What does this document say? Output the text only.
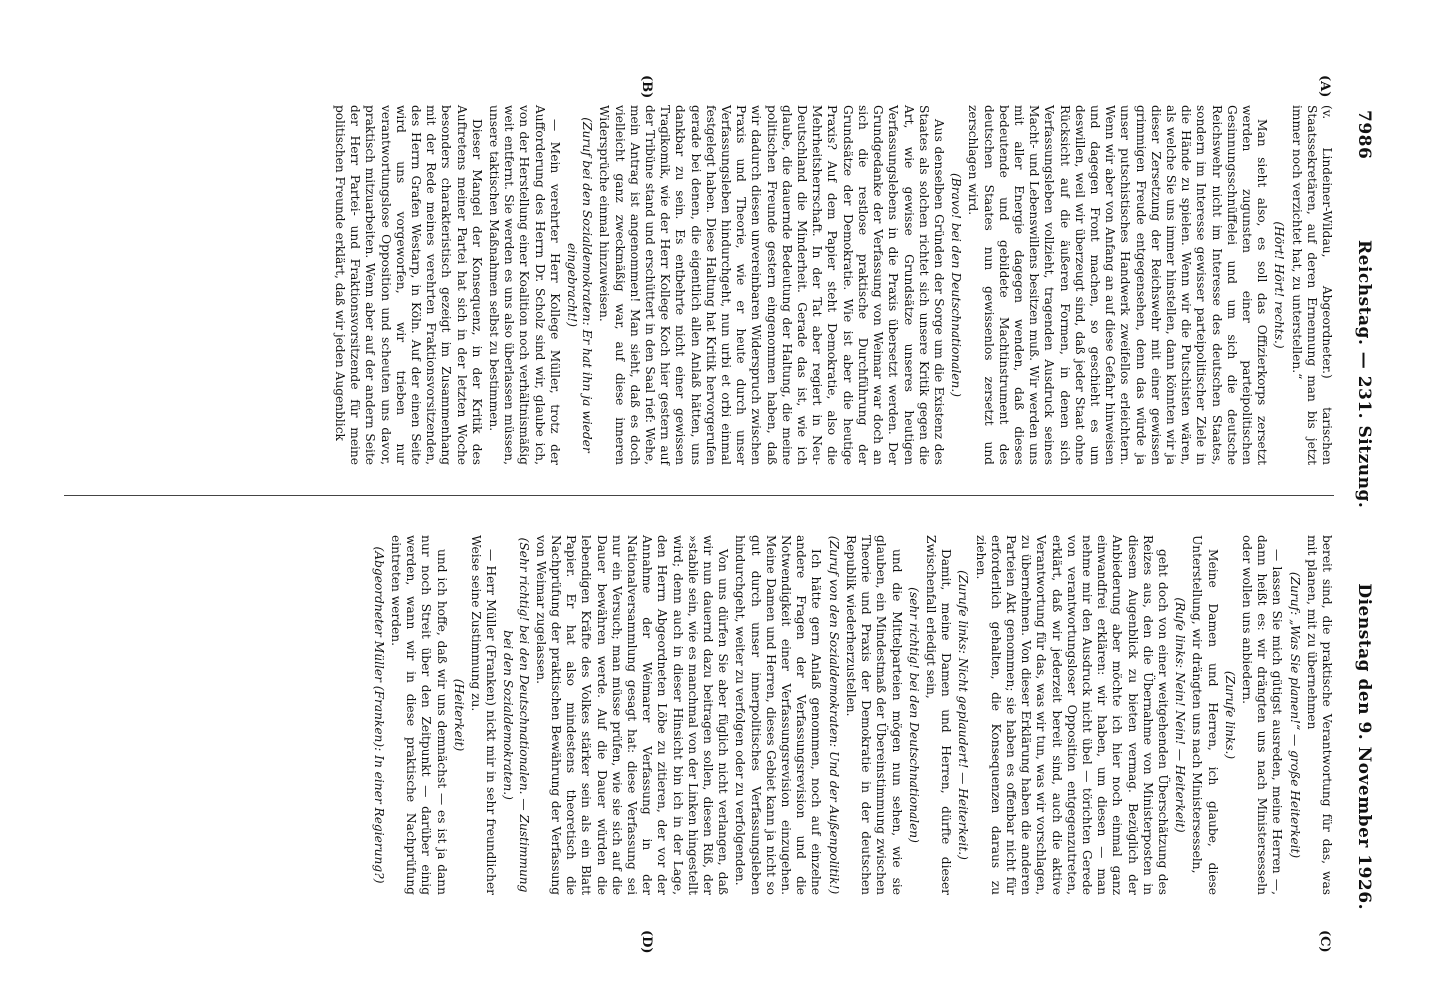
7986
Reichstag. — 231. Sitzung.
Dienstag den 9. November 1926.
(A)
(B)
(C)
(D)

(v. Lindeiner-Wildau, Abgeordneter.) tarischen Staatssekretären, auf deren Ernennung man bis jetzt immer noch verzichtet hat, zu unterstellen.“

(Hört! Hört! rechts.)

Man sieht also, es soll das Offizierkorps zersetzt werden zugunsten einer parteipolitischen Gesinnungsschnüffelei und um sich die deutsche Reichswehr nicht im Interesse des deutschen Staates, sondern im Interesse gewisser parteipolitischer Ziele in die Hände zu spielen. Wenn wir die Putschisten wären, als welche Sie uns immer hinstellen, dann könnten wir ja dieser Zersetzung der Reichswehr mit einer gewissen grimmigen Freude entgegensehen, denn das würde ja unser putschistisches Handwerk zweifellos erleichtern. Wenn wir aber von Anfang an auf diese Gefahr hinweisen und dagegen Front machen, so geschieht es um deswillen, weil wir überzeugt sind, daß jeder Staat ohne Rücksicht auf die äußeren Formen, in denen sich Verfassungsleben vollzieht, tragenden Ausdruck seines Macht- und Lebenswillens besitzen muß. Wir werden uns mit aller Energie dagegen wenden, daß dieses bedeutende und gebildete Machtinstrument des deutschen Staates nun gewissenlos zersetzt und zerschlagen wird.

(Bravo! bei den Deutschnationalen.)

Aus denselben Gründen der Sorge um die Existenz des Staates als solchen richtet sich unsere Kritik gegen die Art, wie gewisse Grundsätze unseres heutigen Verfassungslebens in die Praxis übersetzt werden. Der Grundgedanke der Verfassung von Weimar war doch an sich die restlose praktische Durchführung der Grundsätze der Demokratie. Wie ist aber die heutige Praxis? Auf dem Papier steht Demokratie, also die Mehrheitsherrschaft. In der Tat aber regiert in Neu-Deutschland die Minderheit. Gerade das ist, wie ich glaube, die dauernde Bedeutung der Haltung, die meine politischen Freunde gestern eingenommen haben, daß wir dadurch diesen unvereinbaren Widerspruch zwischen Praxis und Theorie, wie er heute durch unser Verfassungsleben hindurchgeht, nun urbi et orbi einmal festgelegt haben. Diese Haltung hat Kritik hervorgerufen gerade bei denen, die eigentlich allen Anlaß hätten, uns dankbar zu sein. Es entbehrte nicht einer gewissen Tragikomik, wie der Herr Kollege Koch hier gestern auf der Tribüne stand und erschüttert in den Saal rief: Wehe, mein Antrag ist angenommen! Man sieht, daß es doch vielleicht ganz zweckmäßig war, auf diese inneren Widersprüche einmal hinzuweisen.

(Zuruf bei den Sozialdemokraten: Er hat ihn ja wieder eingebracht!)

— Mein verehrter Herr Kollege Müller, trotz der Aufforderung des Herrn Dr. Scholz sind wir, glaube ich, von der Herstellung einer Koalition noch verhältnismäßig weit entfernt. Sie werden es uns also überlassen müssen, unsere taktischen Maßnahmen selbst zu bestimmen.

Dieser Mangel der Konsequenz, in der Kritik des Auftretens meiner Partei hat sich in der letzten Woche besonders charakteristisch gezeigt im Zusammenhang mit der Rede meines verehrten Fraktionsvorsitzenden, des Herrn Grafen Westarp, in Köln. Auf der einen Seite wird uns vorgeworfen, wir trieben nur verantwortungslose Opposition und scheuten uns davor, praktisch mitzuarbeiten. Wenn aber auf der andern Seite der Herr Partei- und Fraktionsvorsitzende für meine politischen Freunde erklärt, daß wir jeden Augenblick

bereit sind, die praktische Verantwortung für das, was mit planen, mit zu übernehmen

(Zuruf: „Was Sie planen!“ — große Heiterkeit)

— lassen Sie mich gütigst ausreden, meine Herren —, dann heißt es: wir drängten uns nach Ministersesseln oder wollen uns anbiedern.

(Zurufe links.)

Meine Damen und Herren, ich glaube, diese Unterstellung, wir drängten uns nach Ministersesseln,

(Rufe links: Nein! Nein! — Heiterkeit)

geht doch von einer weitgehenden Überschätzung des Reizes aus, den die Übernahme von Ministerposten in diesem Augenblick zu bieten vermag. Bezüglich der Anbiederung aber möchte ich hier noch einmal ganz einwandfrei erklären: wir haben, um diesen — man nehme mir den Ausdruck nicht übel — törichten Gerede von verantwortungsloser Opposition entgegenzutreten, erklärt, daß wir jederzeit bereit sind, auch die aktive Verantwortung für das, was wir tun, was wir vorschlagen, zu übernehmen. Von dieser Erklärung haben die anderen Parteien Akt genommen; sie haben es offenbar nicht für erforderlich gehalten, die Konsequenzen daraus zu ziehen.

(Zurufe links: Nicht geplaudert! — Heiterkeit.)

Damit, meine Damen und Herren, dürfte dieser Zwischenfall erledigt sein,

(sehr richtig! bei den Deutschnationalen)

und die Mittelparteien mögen nun sehen, wie sie glauben, ein Mindestmaß der Übereinstimmung zwischen Theorie und Praxis der Demokratie in der deutschen Republik wiederherzustellen.

(Zuruf von den Sozialdemokraten: Und der Außenpolitik!)

Ich hätte gern Anlaß genommen, noch auf einzelne andere Fragen der Verfassungsrevision und die Notwendigkeit einer Verfassungsrevision einzugehen. Meine Damen und Herren, dieses Gebiet kann ja nicht so gut durch unser innerpolitisches Verfassungsleben hindurchgeht, weiter zu verfolgen oder zu verfolgenden.

Von uns dürfen Sie aber füglich nicht verlangen, daß wir nun dauernd dazu beitragen sollen, diesen Riß, der »stabile sein, wie es manchmal von der Linken hingestellt wird; denn auch in dieser Hinsicht bin ich in der Lage, den Herrn Abgeordneten Löbe zu zitieren, der vor der Annahme der Weimarer Verfassung in der Nationalversammlung gesagt hat: diese Verfassung sei nur ein Versuch; man müsse prüfen, wie sie sich auf die Dauer bewähren werde. Auf die Dauer würden die lebendigen Kräfte des Volkes stärker sein als ein Blatt Papier. Er hat also mindestens theoretisch die Nachprüfung der praktischen Bewährung der Verfassung von Weimar zugelassen.

(Sehr richtig! bei den Deutschnationalen. — Zustimmung bei den Sozialdemokraten.)

— Herr Müller (Franken) nickt mir in sehr freundlicher Weise seine Zustimmung zu.

(Heiterkeit)

und ich hoffe, daß wir uns demnächst — es ist ja dann nur noch Streit über den Zeitpunkt — darüber einig werden, wann wir in diese praktische Nachprüfung eintreten werden.

(Abgeordneter Müller (Franken): In einer Regierung?)
